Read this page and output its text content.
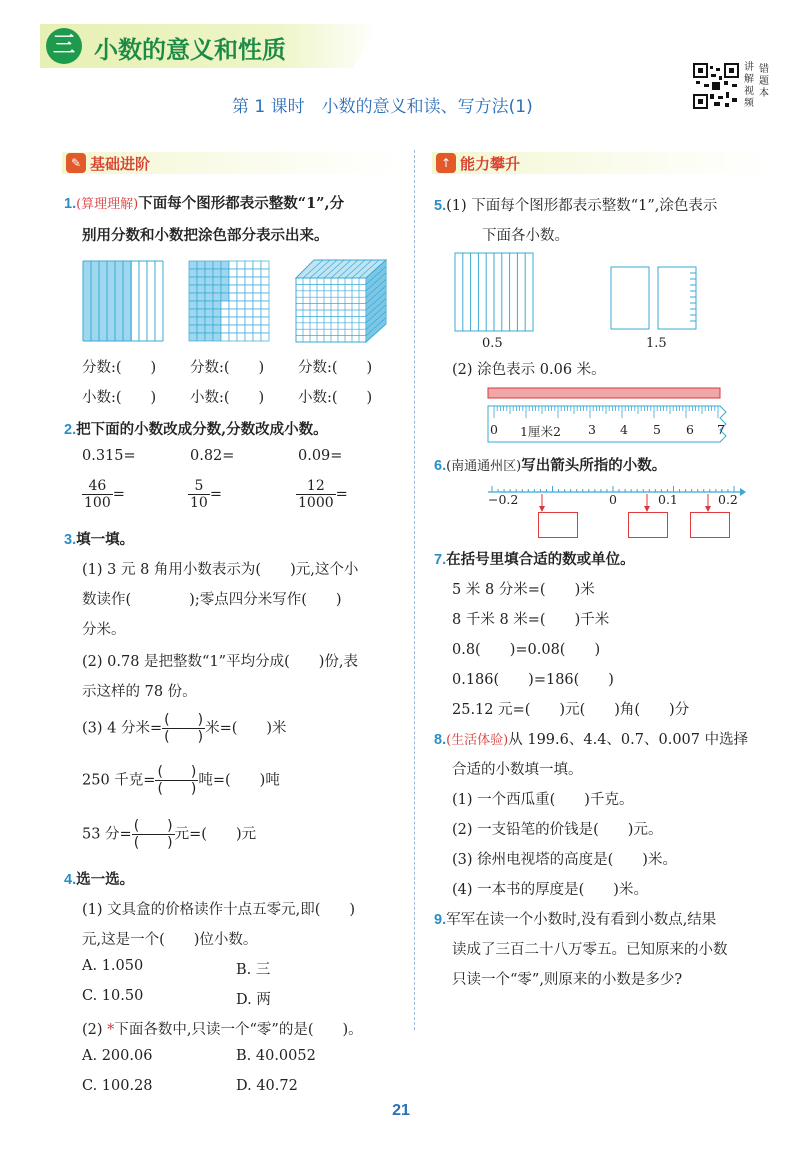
三 小数的意义和性质
第 1 课时　小数的意义和读、写方法(1)
讲解视频
错题本
✎ 基础进阶
1.(算理理解)下面每个图形都表示整数“1”,分
别用分数和小数把涂色部分表示出来。
分数:(　　) 分数:(　　) 分数:(　　)
小数:(　　) 小数:(　　) 小数:(　　)
2.把下面的小数改成分数,分数改成小数。
0.315=	0.82=	0.09=
$\frac{46}{100}$ =	$\frac{5}{10}$ =	$\frac{12}{1000}$ =
3.填一填。
(1) 3 元 8 角用小数表示为(　　)元,这个小
数读作(　　　　);零点四分米写作(　　)
分米。
(2) 0.78 是把整数“1”平均分成(　　)份,表
示这样的 78 份。
(3) 4 分米= $\frac{( )}{( )}$ 米=(　　)米
250 千克= $\frac{( )}{( )}$ 吨=(　　)吨
53 分= $\frac{( )}{( )}$ 元=(　　)元
4.选一选。
(1) 文具盒的价格读作十点五零元,即(　　)
元,这是一个(　　)位小数。
A. 1.050	B. 三
C. 10.50	D. 两
(2) *下面各数中,只读一个“零”的是(　　)。
A. 200.06	B. 40.0052
C. 100.28	D. 40.72
↑ 能力攀升
5.(1) 下面每个图形都表示整数“1”,涂色表示
下面各小数。
0.5	1.5
(2) 涂色表示 0.06 米。
0 1厘米2 3 4 5 6 7
6.(南通通州区)写出箭头所指的小数。
−0.2	0	0.1	0.2
7.在括号里填合适的数或单位。
5 米 8 分米=(　　)米
8 千米 8 米=(　　)千米
0.8(　　)=0.08(　　)
0.186(　　)=186(　　)
25.12 元=(　　)元(　　)角(　　)分
8.(生活体验)从 199.6、4.4、0.7、0.007 中选择
合适的小数填一填。
(1) 一个西瓜重(　　)千克。
(2) 一支铅笔的价钱是(　　)元。
(3) 徐州电视塔的高度是(　　)米。
(4) 一本书的厚度是(　　)米。
9.军军在读一个小数时,没有看到小数点,结果
读成了三百二十八万零五。已知原来的小数
只读一个“零”,则原来的小数是多少?
21
